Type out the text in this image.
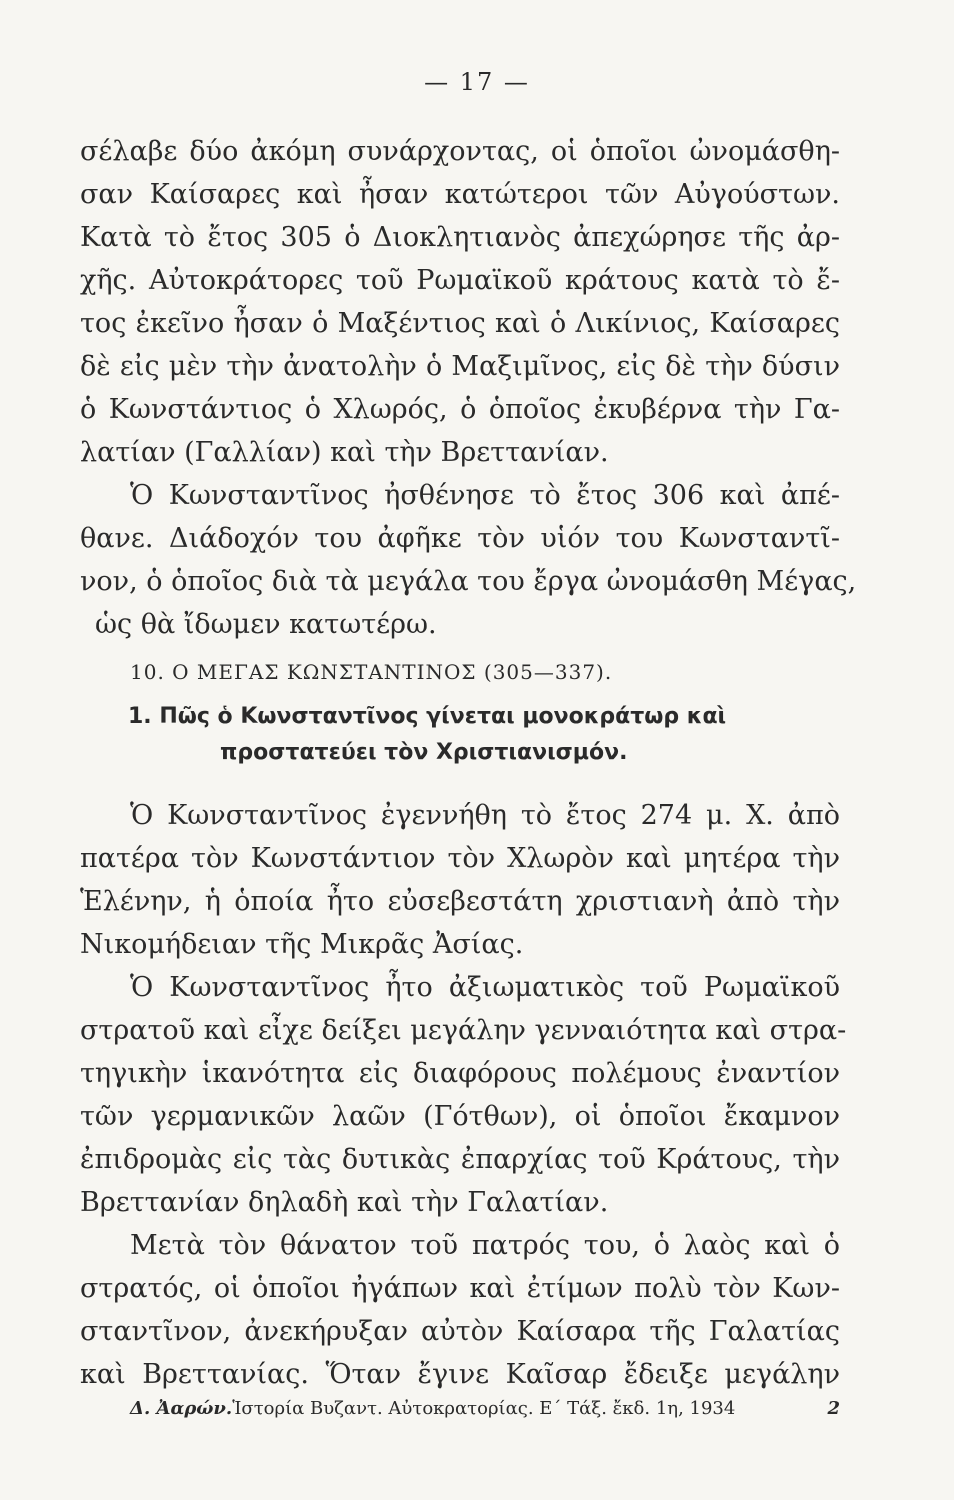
— 17 —
σέλαβε δύο ἀκόμη συνάρχοντας, οἱ ὁποῖοι ὠνομάσθη-
σαν Καίσαρες καὶ ἦσαν κατώτεροι τῶν Αὐγούστων.
Κατὰ τὸ ἔτος 305 ὁ Διοκλητιανὸς ἀπεχώρησε τῆς ἀρ-
χῆς. Αὐτοκράτορες τοῦ Ρωμαϊκοῦ κράτους κατὰ τὸ ἔ-
τος ἐκεῖνο ἦσαν ὁ Μαξέντιος καὶ ὁ Λικίνιος, Καίσαρες
δὲ εἰς μὲν τὴν ἀνατολὴν ὁ Μαξιμῖνος, εἰς δὲ τὴν δύσιν
ὁ Κωνστάντιος ὁ Χλωρός, ὁ ὁποῖος ἐκυβέρνα τὴν Γα-
λατίαν (Γαλλίαν) καὶ τὴν Βρεττανίαν.
Ὁ Κωνσταντῖνος ἠσθένησε τὸ ἔτος 306 καὶ ἀπέ-
θανε. Διάδοχόν του ἀφῆκε τὸν υἱόν του Κωνσταντῖ-
νον, ὁ ὁποῖος διὰ τὰ μεγάλα του ἔργα ὠνομάσθη Μέγας,
ὡς θὰ ἴδωμεν κατωτέρω.
10. Ο ΜΕΓΑΣ ΚΩΝΣΤΑΝΤΙΝΟΣ (305—337).
1. Πῶς ὁ Κωνσταντῖνος γίνεται μονοκράτωρ καὶ
προστατεύει τὸν Χριστιανισμόν.
Ὁ Κωνσταντῖνος ἐγεννήθη τὸ ἔτος 274 μ. Χ. ἀπὸ
πατέρα τὸν Κωνστάντιον τὸν Χλωρὸν καὶ μητέρα τὴν
Ἑλένην, ἡ ὁποία ἦτο εὐσεβεστάτη χριστιανὴ ἀπὸ τὴν
Νικομήδειαν τῆς Μικρᾶς Ἀσίας.
Ὁ Κωνσταντῖνος ἦτο ἀξιωματικὸς τοῦ Ρωμαϊκοῦ
στρατοῦ καὶ εἶχε δείξει μεγάλην γενναιότητα καὶ στρα-
τηγικὴν ἱκανότητα εἰς διαφόρους πολέμους ἐναντίον
τῶν γερμανικῶν λαῶν (Γότθων), οἱ ὁποῖοι ἔκαμνον
ἐπιδρομὰς εἰς τὰς δυτικὰς ἐπαρχίας τοῦ Κράτους, τὴν
Βρεττανίαν δηλαδὴ καὶ τὴν Γαλατίαν.
Μετὰ τὸν θάνατον τοῦ πατρός του, ὁ λαὸς καὶ ὁ
στρατός, οἱ ὁποῖοι ἠγάπων καὶ ἐτίμων πολὺ τὸν Κων-
σταντῖνον, ἀνεκήρυξαν αὐτὸν Καίσαρα τῆς Γαλατίας
καὶ Βρεττανίας. Ὅταν ἔγινε Καῖσαρ ἔδειξε μεγάλην
Δ. Ἀαρών.Ἱστορία Βυζαντ. Αὐτοκρατορίας. Ε΄ Τάξ. ἔκδ. 1η, 1934	2
